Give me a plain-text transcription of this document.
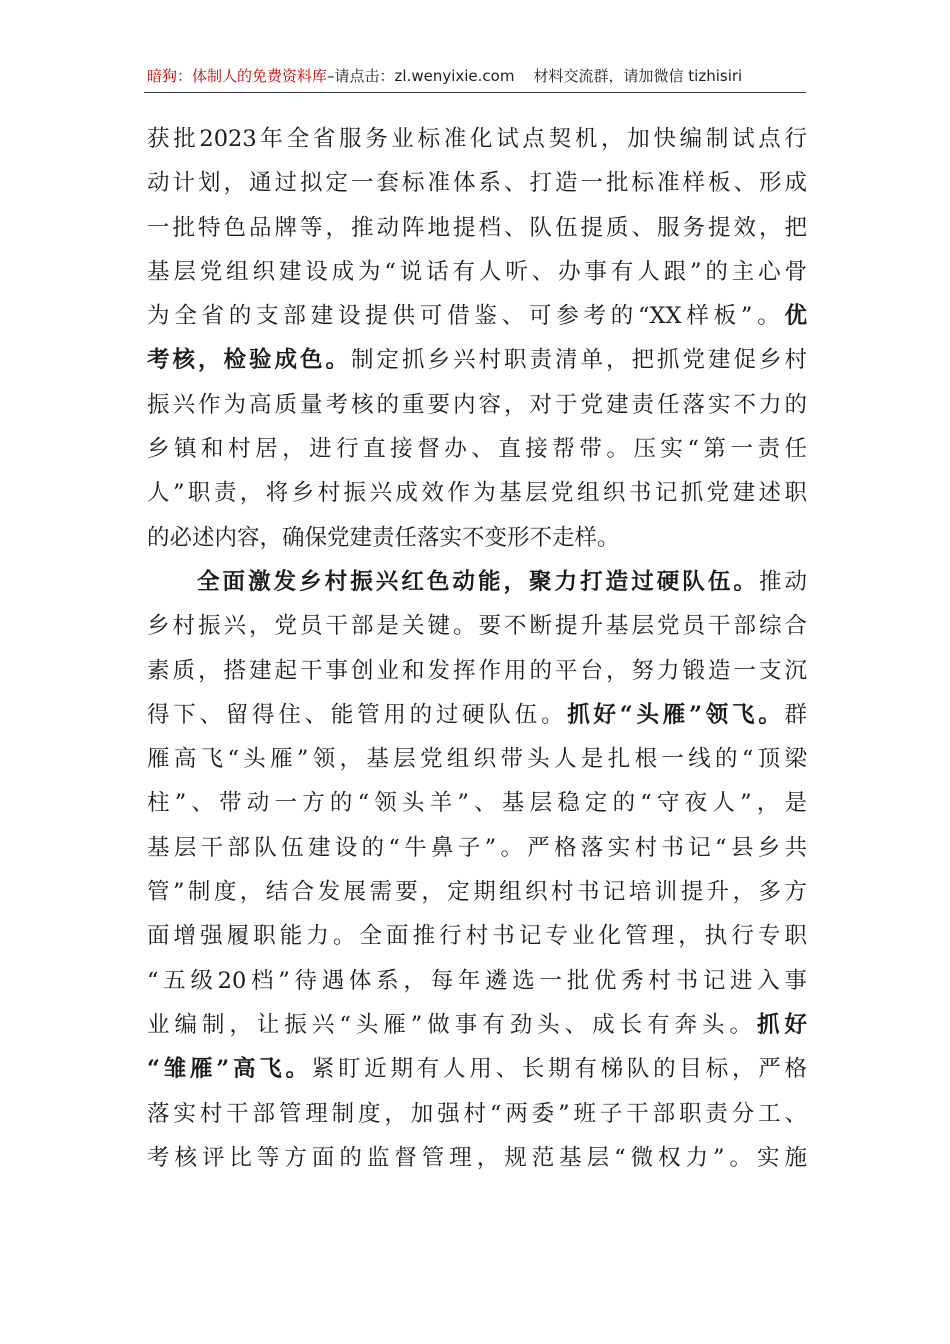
暗狗：体制人的免费资料库–请点击：zl.wenyixie.com 材料交流群，请加微信 tizhisiri
获批2023年全省服务业标准化试点契机，加快编制试点行
动计划，通过拟定一套标准体系、打造一批标准样板、形成
一批特色品牌等，推动阵地提档、队伍提质、服务提效，把
基层党组织建设成为“说话有人听、办事有人跟”的主心骨
为全省的支部建设提供可借鉴、可参考的“XX样板”。优
考核，检验成色。制定抓乡兴村职责清单，把抓党建促乡村
振兴作为高质量考核的重要内容，对于党建责任落实不力的
乡镇和村居，进行直接督办、直接帮带。压实“第一责任
人”职责，将乡村振兴成效作为基层党组织书记抓党建述职
的必述内容，确保党建责任落实不变形不走样。
全面激发乡村振兴红色动能，聚力打造过硬队伍。推动
乡村振兴，党员干部是关键。要不断提升基层党员干部综合
素质，搭建起干事创业和发挥作用的平台，努力锻造一支沉
得下、留得住、能管用的过硬队伍。抓好“头雁”领飞。群
雁高飞“头雁”领，基层党组织带头人是扎根一线的“顶梁
柱”、带动一方的“领头羊”、基层稳定的“守夜人”，是
基层干部队伍建设的“牛鼻子”。严格落实村书记“县乡共
管”制度，结合发展需要，定期组织村书记培训提升，多方
面增强履职能力。全面推行村书记专业化管理，执行专职
“五级20档”待遇体系，每年遴选一批优秀村书记进入事
业编制，让振兴“头雁”做事有劲头、成长有奔头。抓好
“雏雁”高飞。紧盯近期有人用、长期有梯队的目标，严格
落实村干部管理制度，加强村“两委”班子干部职责分工、
考核评比等方面的监督管理，规范基层“微权力”。实施
